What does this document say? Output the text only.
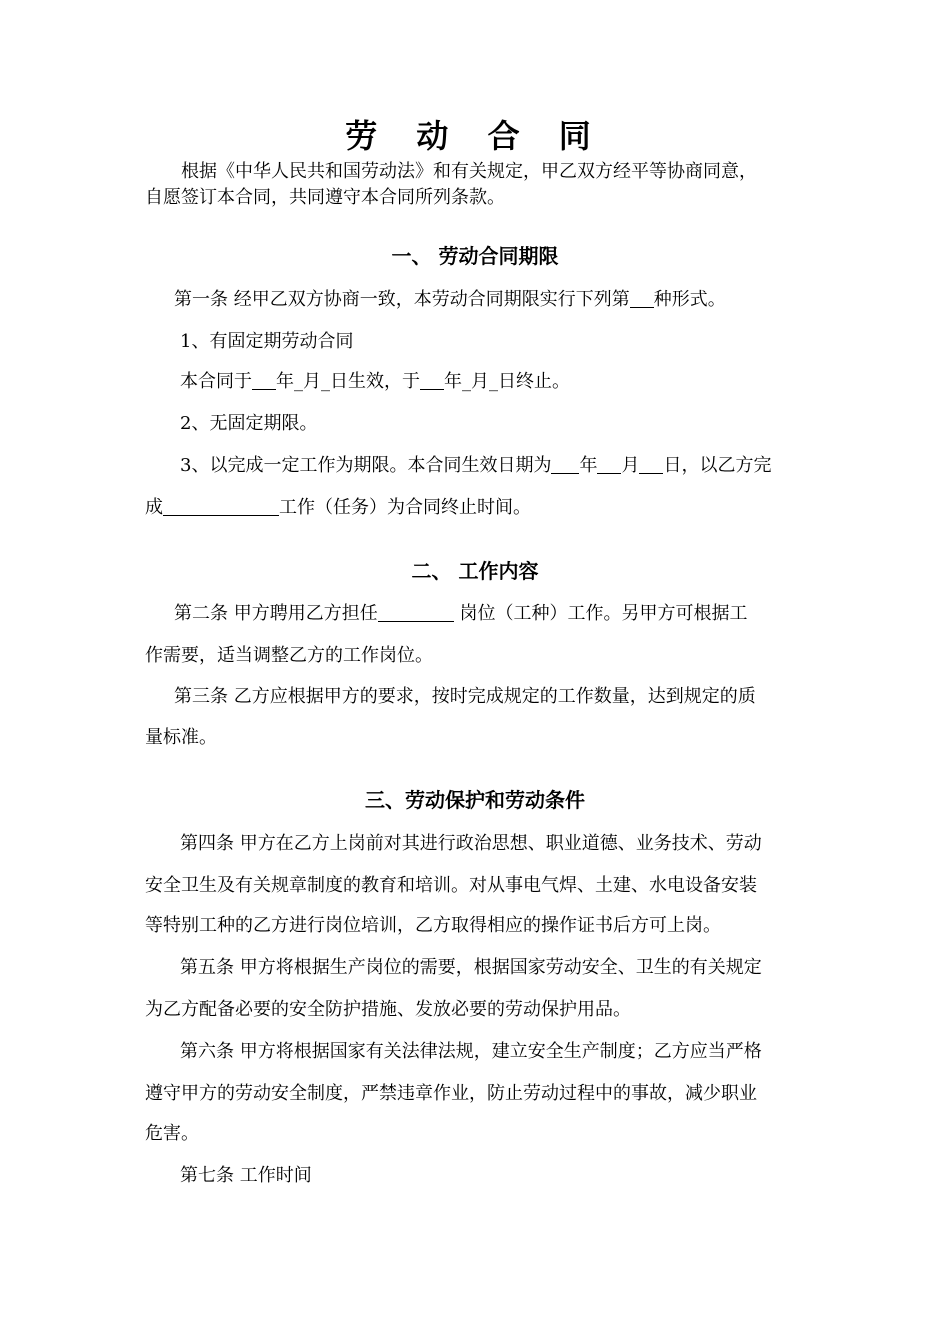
劳 动 合 同
根据《中华人民共和国劳动法》和有关规定，甲乙双方经平等协商同意，
自愿签订本合同，共同遵守本合同所列条款。
一、 劳动合同期限
第一条 经甲乙双方协商一致，本劳动合同期限实行下列第 种形式。
1、有固定期劳动合同
本合同于 年_月_日生效，于 年_月_日终止。
2、无固定期限。
3、以完成一定工作为期限。本合同生效日期为 年 月 日，以乙方完
成	工作（任务）为合同终止时间。
二、 工作内容
第二条 甲方聘用乙方担任	岗位（工种）工作。另甲方可根据工
作需要，适当调整乙方的工作岗位。
第三条 乙方应根据甲方的要求，按时完成规定的工作数量，达到规定的质
量标准。
三、劳动保护和劳动条件
第四条 甲方在乙方上岗前对其进行政治思想、职业道德、业务技术、劳动
安全卫生及有关规章制度的教育和培训。对从事电气焊、土建、水电设备安装
等特别工种的乙方进行岗位培训，乙方取得相应的操作证书后方可上岗。
第五条 甲方将根据生产岗位的需要，根据国家劳动安全、卫生的有关规定
为乙方配备必要的安全防护措施、发放必要的劳动保护用品。
第六条 甲方将根据国家有关法律法规，建立安全生产制度；乙方应当严格
遵守甲方的劳动安全制度，严禁违章作业，防止劳动过程中的事故，减少职业
危害。
第七条 工作时间
